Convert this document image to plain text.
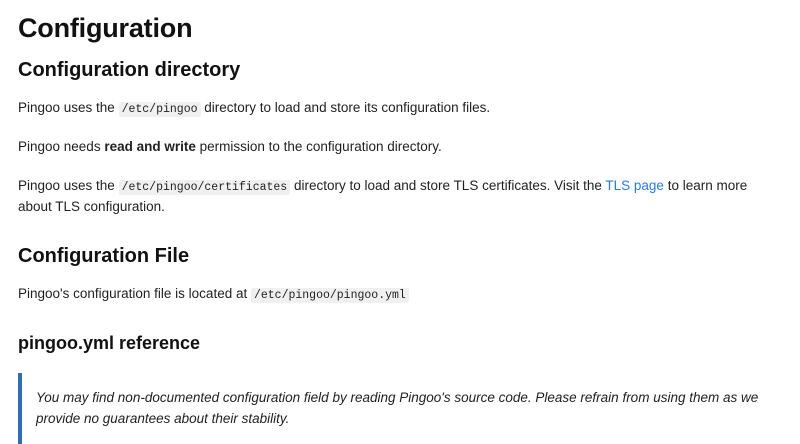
Configuration
Configuration directory

Pingoo uses the /etc/pingoo directory to load and store its configuration files.

Pingoo needs read and write permission to the configuration directory.

Pingoo uses the /etc/pingoo/certificates directory to load and store TLS certificates. Visit the TLS page to learn more about TLS configuration.

Configuration File

Pingoo's configuration file is located at /etc/pingoo/pingoo.yml

pingoo.yml reference

You may find non-documented configuration field by reading Pingoo's source code. Please refrain from using them as we provide no guarantees about their stability.
